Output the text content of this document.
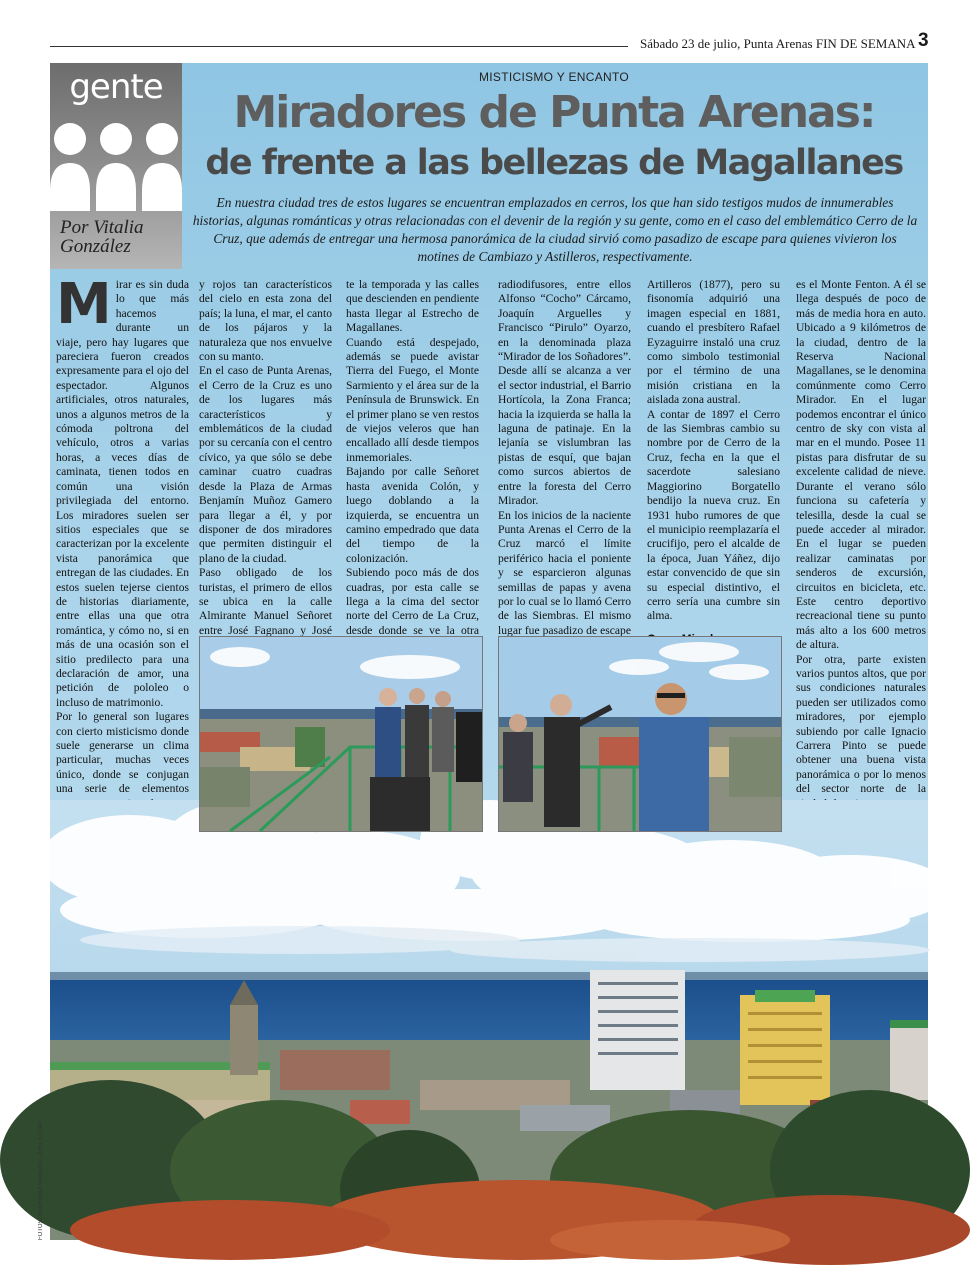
Sábado 23 de julio, Punta Arenas FIN DE SEMANA 3
gente
Por Vitalia
González
MISTICISMO Y ENCANTO
Miradores de Punta Arenas:
de frente a las bellezas de Magallanes
En nuestra ciudad tres de estos lugares se encuentran emplazados en cerros, los que han sido testigos mudos de innumerables historias, algunas románticas y otras relacionadas con el devenir de la región y su gente, como en el caso del emblemático Cerro de la Cruz, que además de entregar una hermosa panorámica de la ciudad sirvió como pasadizo de escape para quienes vivieron los motines de Cambiazo y Astilleros, respectivamente.
M irar es sin duda lo que más hacemos durante un viaje, pero hay lugares que pareciera fueron creados expresamente para el ojo del espectador. Algunos artificiales, otros naturales, unos a algunos metros de la cómoda poltrona del vehículo, otros a varias horas, a veces días de caminata, tienen todos en común una visión privilegiada del entorno. Los miradores suelen ser sitios especiales que se caracterizan por la excelente vista panorámica que entregan de las ciudades. En estos suelen tejerse cientos de historias diariamente, entre ellas una que otra romántica, y cómo no, si en más de una ocasión son el sitio predilecto para una declaración de amor, una petición de pololeo o incluso de matrimonio.

Por lo general son lugares con cierto misticismo donde suele generarse un clima particular, muchas veces único, donde se conjugan una serie de elementos

y rojos tan característicos del cielo en esta zona del país; la luna, el mar, el canto de los pájaros y la naturaleza que nos envuelve con su manto.

En el caso de Punta Arenas, el Cerro de la Cruz es uno de los lugares más característicos y emblemáticos de la ciudad por su cercanía con el centro cívico, ya que sólo se debe caminar cuatro cuadras desde la Plaza de Armas Benjamín Muñoz Gamero para llegar a él, y por disponer de dos miradores que permiten distinguir el plano de la ciudad.

Paso obligado de los turistas, el primero de ellos se ubica en la calle Almirante Manuel Señoret entre José Fagnano y José

te la temporada y las calles que descienden en pendiente hasta llegar al Estrecho de Magallanes.

Cuando está despejado, además se puede avistar Tierra del Fuego, el Monte Sarmiento y el área sur de la Península de Brunswick. En el primer plano se ven restos de viejos veleros que han encallado allí desde tiempos inmemoriales.

Bajando por calle Señoret hasta avenida Colón, y luego doblando a la izquierda, se encuentra un camino empedrado que data del tiempo de la colonización.

Subiendo poco más de dos cuadras, por esta calle se llega a la cima del sector norte del Cerro de La Cruz, desde donde se ve la otra

radiodifusores, entre ellos Alfonso “Cocho” Cárcamo, Joaquín Arguelles y Francisco “Pirulo” Oyarzo, en la denominada plaza “Mirador de los Soñadores”. Desde allí se alcanza a ver el sector industrial, el Barrio Hortícola, la Zona Franca; hacia la izquierda se halla la laguna de patinaje. En la lejanía se vislumbran las pistas de esquí, que bajan como surcos abiertos de entre la foresta del Cerro Mirador.

En los inicios de la naciente Punta Arenas el Cerro de la Cruz marcó el límite periférico hacia el poniente y se esparcieron algunas semillas de papas y avena por lo cual se lo llamó Cerro de las Siembras. El mismo lugar fue pasadizo de escape

Artilleros (1877), pero su fisonomía adquirió una imagen especial en 1881, cuando el presbítero Rafael Eyzaguirre instaló una cruz como simbolo testimonial por el término de una misión cristiana en la aislada zona austral.

A contar de 1897 el Cerro de las Siembras cambio su nombre por de Cerro de la Cruz, fecha en la que el sacerdote salesiano Maggiorino Borgatello bendijo la nueva cruz. En 1931 hubo rumores de que el municipio reemplazaría el crucifijo, pero el alcalde de la época, Juan Yáñez, dijo estar convencido de que sin su especial distintivo, el cerro sería una cumbre sin alma.

es el Monte Fenton. A él se llega después de poco de más de media hora en auto. Ubicado a 9 kilómetros de la ciudad, dentro de la Reserva Nacional Magallanes, se le denomina comúnmente como Cerro Mirador. En el lugar podemos encontrar el único centro de sky con vista al mar en el mundo. Posee 11 pistas para disfrutar de su excelente calidad de nieve. Durante el verano sólo funciona su cafetería y telesilla, desde la cual se puede acceder al mirador. En el lugar se pueden realizar caminatas por senderos de excursión, circuitos en bicicleta, etc. Este centro deportivo recreacional tiene su punto más alto a los 600 metros de altura.

Por otra, parte existen varios puntos altos, que por sus condiciones naturales pueden ser utilizados como miradores, por ejemplo subiendo por calle Ignacio Carrera Pinto se puede obtener una buena vista panorámica o por lo menos del sector norte de la

FOTOS: RODRIGO VARGAS / JOEL ESTAY
